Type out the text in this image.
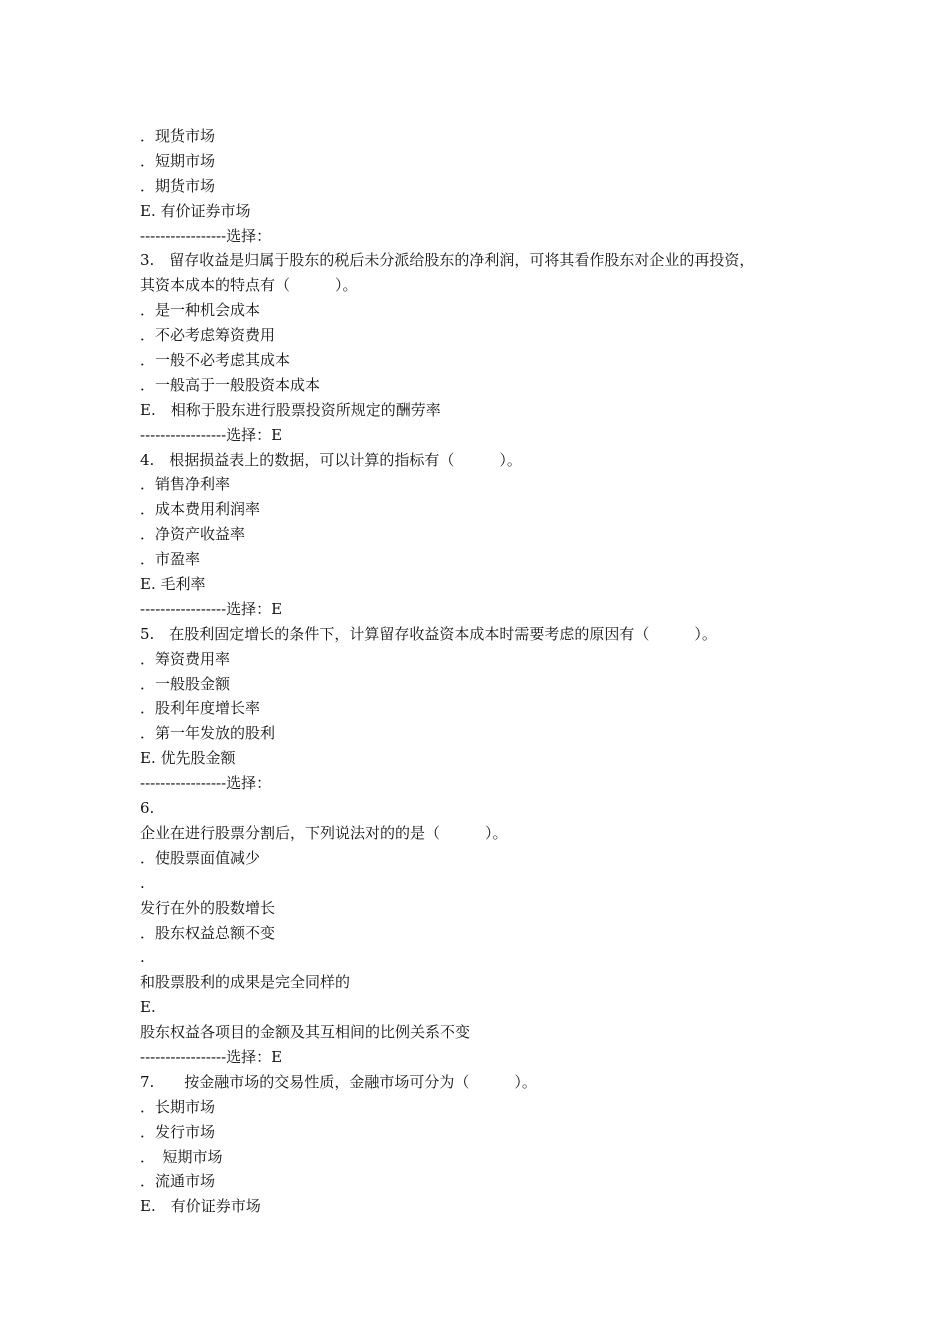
．现货市场
．短期市场
．期货市场
E. 有价证券市场
-----------------选择：
3.　留存收益是归属于股东的税后未分派给股东的净利润，可将其看作股东对企业的再投资，
其资本成本的特点有（　　　）。
．是一种机会成本
．不必考虑筹资费用
．一般不必考虑其成本
．一般高于一般股资本成本
E.　相称于股东进行股票投资所规定的酬劳率
-----------------选择：E
4.　根据损益表上的数据，可以计算的指标有（　　　）。
．销售净利率
．成本费用利润率
．净资产收益率
．市盈率
E. 毛利率
-----------------选择：E
5.　在股利固定增长的条件下，计算留存收益资本成本时需要考虑的原因有（　　　）。
．筹资费用率
．一般股金额
．股利年度增长率
．第一年发放的股利
E. 优先股金额
-----------------选择：
6.
企业在进行股票分割后，下列说法对的的是（　　　）。
．使股票面值减少
.
发行在外的股数增长
．股东权益总额不变
.
和股票股利的成果是完全同样的
E.
股东权益各项目的金额及其互相间的比例关系不变
-----------------选择：E
7.　　按金融市场的交易性质，金融市场可分为（　　　）。
．长期市场
．发行市场
．　短期市场
．流通市场
E.　有价证券市场
